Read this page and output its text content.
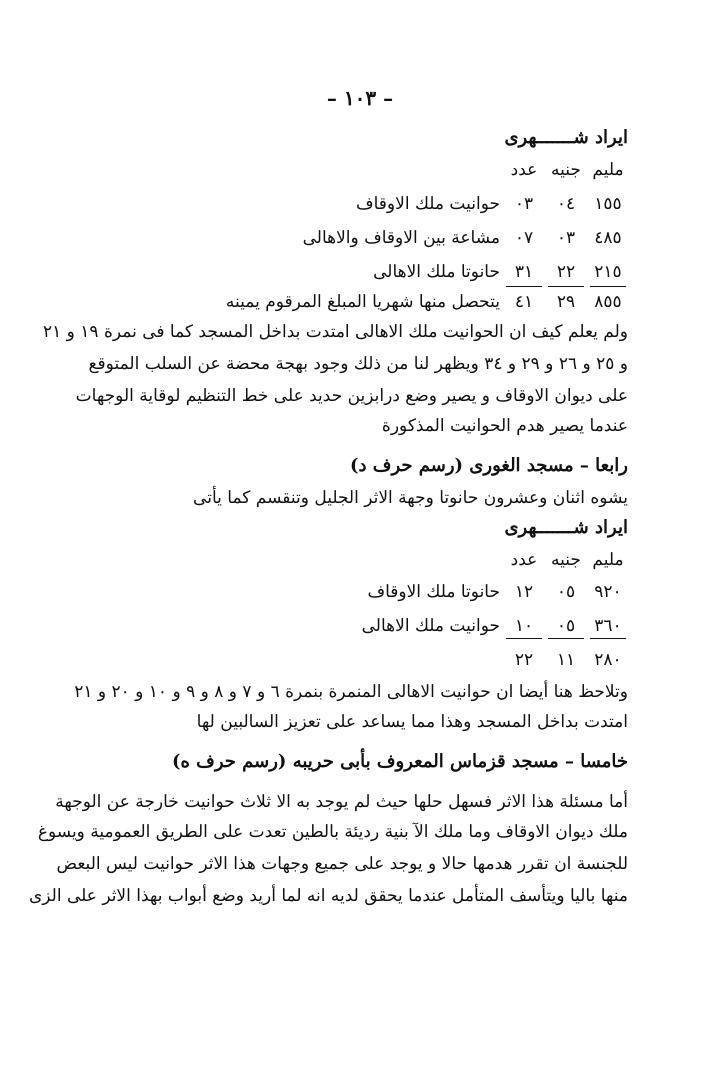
– ١٠٣ –
ايراد شـــــــهرى
مليم
جنيه
عدد
١٥٥
٠٤
٠٣
حوانيت ملك الاوقاف
٤٨٥
٠٣
٠٧
مشاعة بين الاوقاف والاهالى
٢١٥
٢٢
٣١
حانوتا ملك الاهالى
٨٥٥
٢٩
٤١
يتحصل منها شهريا المبلغ المرقوم يمينه
ولم يعلم كيف ان الحوانيت ملك الاهالى امتدت بداخل المسجد كما فى نمرة ١٩ و ٢١
و ٢٥ و ٢٦ و ٢٩ و ٣٤ ويظهر لنا من ذلك وجود بهجة محضة عن السلب المتوقع
على ديوان الاوقاف و يصير وضع درابزين حديد على خط التنظيم لوقاية الوجهات
عندما يصير هدم الحوانيت المذكورة
رابعا – مسجد الغورى (رسم حرف د)
يشوه اثنان وعشرون حانوتا وجهة الاثر الجليل وتنقسم كما يأتى
ايراد شـــــــهرى
مليم
جنيه
عدد
٩٢٠
٠٥
١٢
حانوتا ملك الاوقاف
٣٦٠
٠٥
١٠
حوانيت ملك الاهالى
٢٨٠
١١
٢٢
وتلاحظ هنا أيضا ان حوانيت الاهالى المنمرة بنمرة ٦ و ٧ و ٨ و ٩ و ١٠ و ٢٠ و ٢١
امتدت بداخل المسجد وهذا مما يساعد على تعزيز السالبين لها
خامسا – مسجد قزماس المعروف بأبى حريبه (رسم حرف ه)
أما مسئلة هذا الاثر فسهل حلها حيث لم يوجد به الا ثلاث حوانيت خارجة عن الوجهة
ملك ديوان الاوقاف وما ملك الآ بنية رديئة بالطين تعدت على الطريق العمومية ويسوغ
للجنسة ان تقرر هدمها حالا و يوجد على جميع وجهات هذا الاثر حوانيت ليس البعض
منها باليا ويتأسف المتأمل عندما يحقق لديه انه لما أريد وضع أبواب بهذا الاثر على الزى
